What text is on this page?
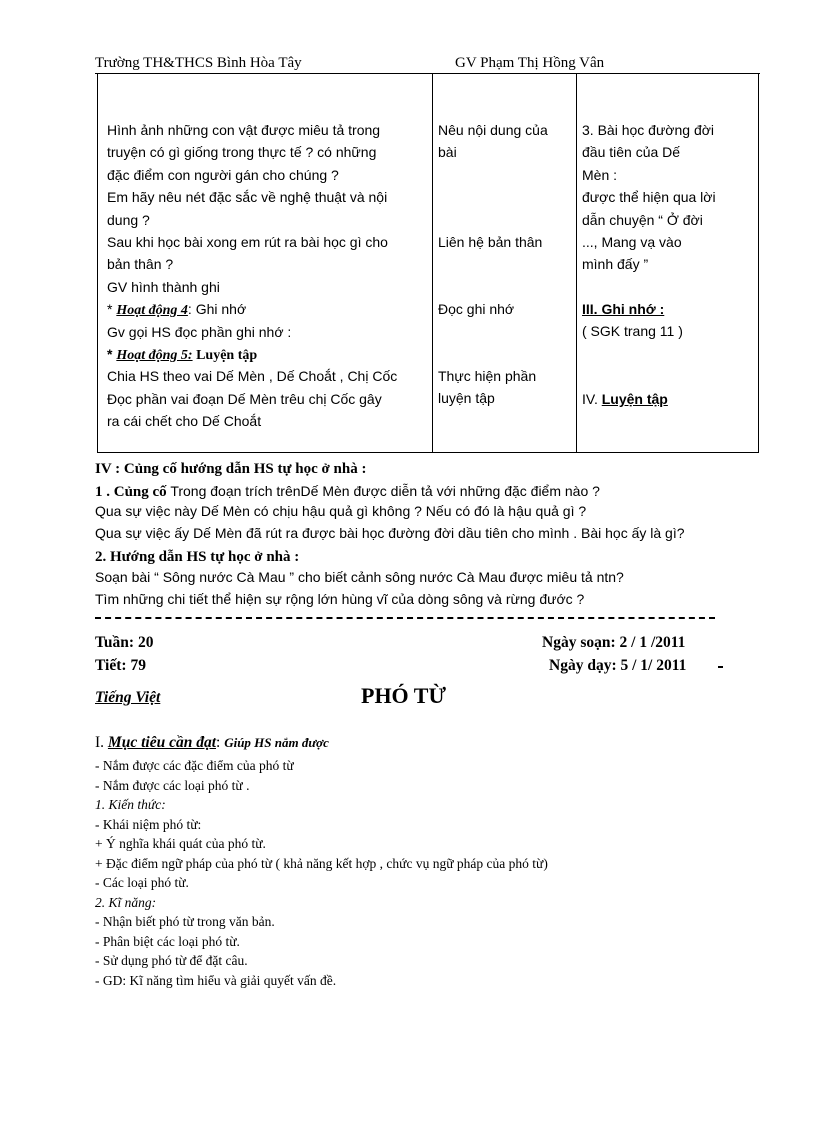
Trường TH&THCS Bình Hòa Tây	GV Phạm Thị Hồng Vân
Hình ảnh những con vật được miêu tả trong
truyện có gì giống trong thực tế ? có những
đặc điểm con người gán cho chúng ?
Em hãy nêu nét đặc sắc về nghệ thuật và nội
dung ?
Sau khi học bài xong em rút ra bài học gì cho
bản thân ?
GV hình thành ghi
* Hoạt động 4: Ghi nhớ
Gv gọi HS đọc phần ghi nhớ :
* Hoạt động 5: Luyện tập
Chia HS theo vai Dế Mèn , Dế Choắt , Chị Cốc
Đọc phần vai đoạn Dế Mèn trêu chị Cốc gây
ra cái chết cho Dế Choắt
Nêu nội dung của
bài
Liên hệ bản thân
Đọc ghi nhớ
Thực hiện phần
luyện tập
3. Bài học đường đời
đầu tiên của Dế
Mèn :
được thể hiện qua lời
dẫn chuyện “ Ở đời
..., Mang vạ vào
mình đấy ”
III. Ghi nhớ :
( SGK trang 11 )
IV. Luyện tập
IV : Củng cố hướng dẫn HS tự học ở nhà :
1 . Củng cố Trong đoạn trích trênDế Mèn được diễn tả với những đặc điểm nào ?
Qua sự việc này Dế Mèn có chịu hậu quả gì không ? Nếu có đó là hậu quả gì ?
Qua sự việc ấy Dế Mèn đã rút ra được bài học đường đời dầu tiên cho mình . Bài học ấy là gì?
2. Hướng dẫn HS tự học ở nhà :
Soạn bài “ Sông nước Cà Mau ” cho biết cảnh sông nước Cà Mau được miêu tả ntn?
Tìm những chi tiết thể hiện sự rộng lớn hùng vĩ của dòng sông và rừng đước ?
Tuần: 20
Tiết: 79
Ngày soạn: 2 / 1 /2011
Ngày dạy: 5 / 1/ 2011
Tiếng Việt	PHÓ TỪ
I. Mục tiêu cần đạt: Giúp HS nắm được
- Nắm được các đặc điểm của phó từ
- Nắm được các loại phó từ .
1. Kiến thức:
- Khái niệm phó từ:
+ Ý nghĩa khái quát của phó từ.
+ Đặc điểm ngữ pháp của phó từ ( khả năng kết hợp , chức vụ ngữ pháp của phó từ)
- Các loại phó từ.
2. Kĩ năng:
- Nhận biết phó từ trong văn bản.
- Phân biệt các loại phó từ.
- Sử dụng phó từ để đặt câu.
- GD: Kĩ năng tìm hiểu và giải quyết vấn đề.
